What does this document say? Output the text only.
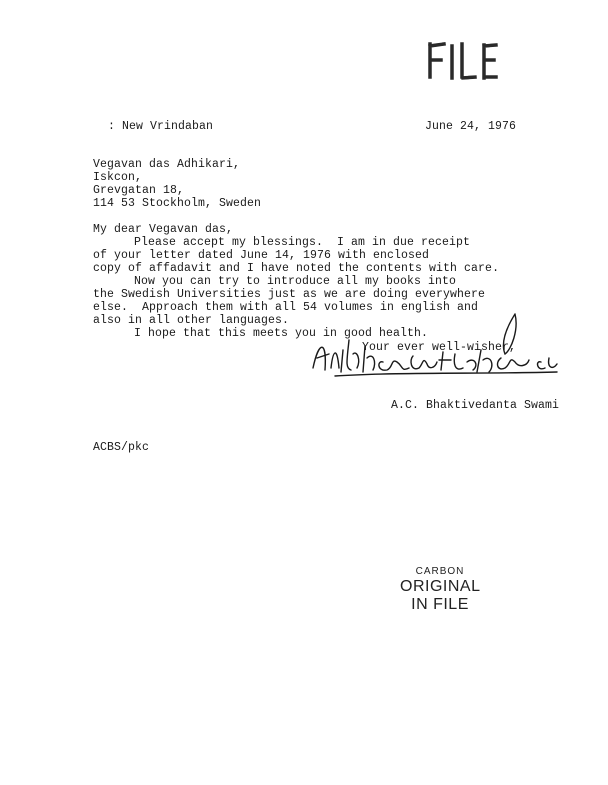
: New Vrindaban	June 24, 1976
Vegavan das Adhikari,
Iskcon,
Grevgatan 18,
114 53 Stockholm, Sweden
My dear Vegavan das,
Please accept my blessings.  I am in due receipt
of your letter dated June 14, 1976 with enclosed
copy of affadavit and I have noted the contents with care.
Now you can try to introduce all my books into
the Swedish Universities just as we are doing everywhere
else.  Approach them with all 54 volumes in english and
also in all other languages.
I hope that this meets you in good health.
Your ever well-wisher,
A.C. Bhaktivedanta Swami
ACBS/pkc
CARBON
ORIGINAL
IN FILE
